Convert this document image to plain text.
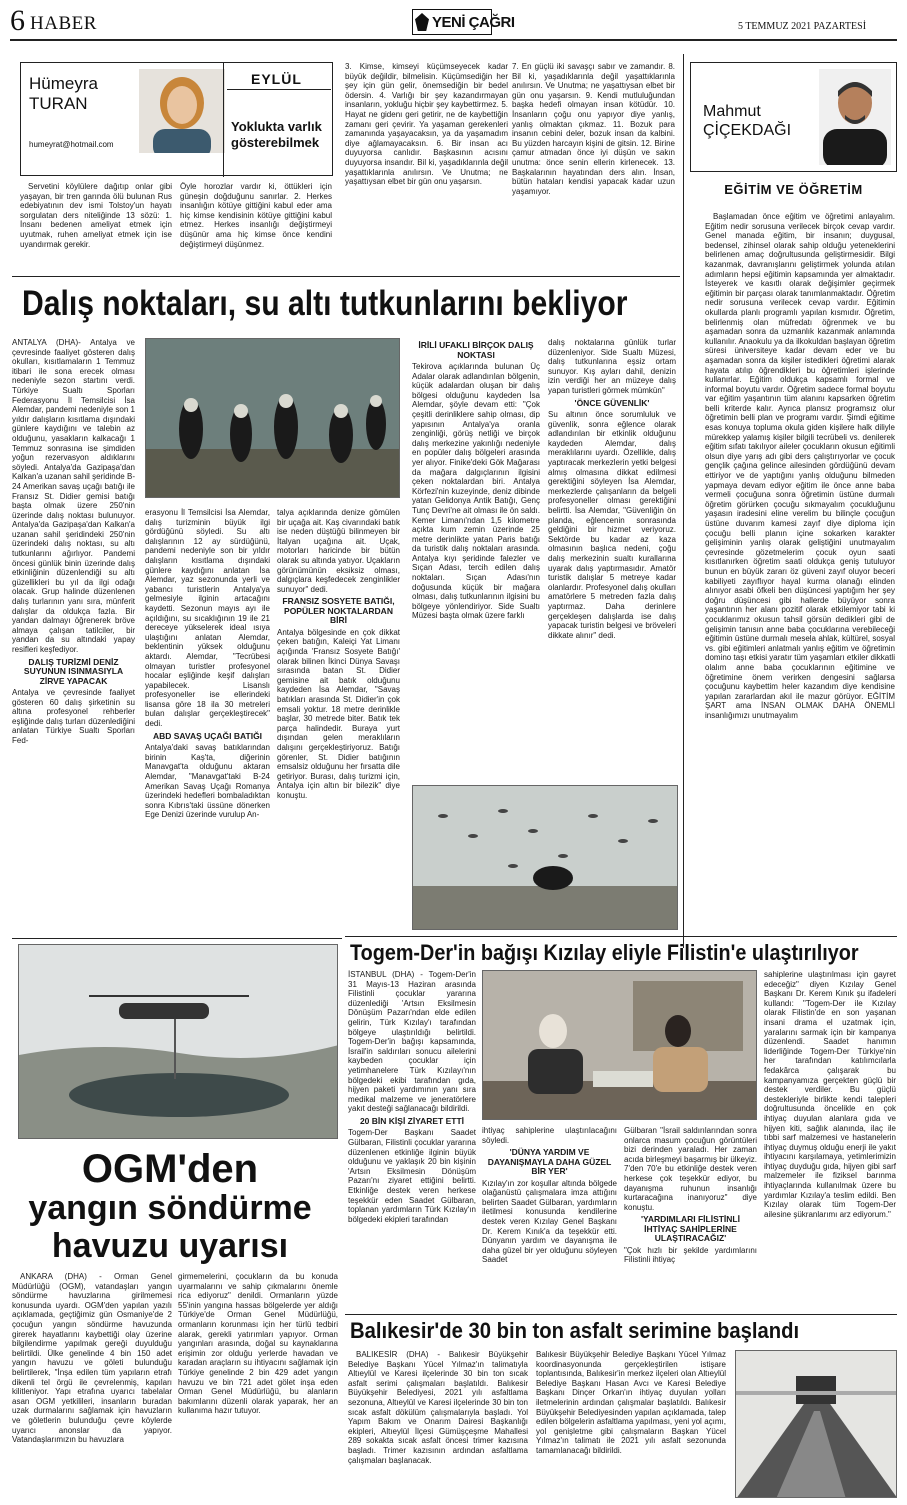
6 HABER	YENİ ÇAĞRI	5 TEMMUZ 2021 PAZARTESİ
Hümeyra
TURAN
humeyrat@hotmail.com
EYLÜL
Yoklukta varlık gösterebilmek
Servetini köylülere dağıtıp onlar gibi yaşayan, bir tren garında ölü bulunan Rus edebiyatının dev ismi Tolstoy'un hayatı sorgulatan ders niteliğinde 13 sözü: 1. İnsanı bedenen ameliyat etmek için uyutmak, ruhen ameliyat etmek için ise uyandırmak gerekir.
Öyle horozlar vardır ki, öttükleri için güneşin doğduğunu sanırlar. 2. Herkes insanlığın kötüye gittiğini kabul eder ama hiç kimse kendisinin kötüye gittiğini kabul etmez. Herkes insanlığı değiştirmeyi düşünür ama hiç kimse önce kendini değiştirmeyi düşünmez.
3. Kimse, kimseyi küçümseyecek kadar büyük değildir, bilmelisin. Küçümsediğin her şey için gün gelir, önemsediğin bir bedel ödersin. 4. Varlığı bir şey kazandırmayan insanların, yokluğu hiçbir şey kaybettirmez. 5. Hayat ne gidenı geri getirir, ne de kaybettiğin zamanı geri çevirir. Ya yaşaman gerekenleri zamanında yaşayacaksın, ya da yaşamadım diye ağlamayacaksın. 6. Bir insan acı duyuyorsa canlıdır. Başkasının acısını duyuyorsa insandır. Bil ki, yaşadıklarınla değil yaşattıklarınla anılırsın. Ve Unutma; ne yaşattıysan elbet bir gün onu yaşarsın.
7. En güçlü iki savaşçı sabır ve zamandır. 8. Bil ki, yaşadıklarınla değil yaşattıklarınla anılırsın. Ve Unutma; ne yaşattıysan elbet bir gün onu yaşarsın. 9. Kendi mutluluğundan başka hedefi olmayan insan kötüdür. 10. İnsanların çoğu onu yapıyor diye yanlış, yanlış olmaktan çıkmaz. 11. Bozuk para insanın cebini deler, bozuk insan da kalbini. Bu yüzden harcayın kişini de gitsin. 12. Birine çamur atmadan önce iyi düşün ve sakın unutma: önce senin ellerin kirlenecek. 13. Başkalarının hayatından ders alın. İnsan, bütün hataları kendisi yapacak kadar uzun yaşamıyor.
Mahmut
ÇİÇEKDAĞI
EĞİTİM VE ÖĞRETİM
Başlamadan önce eğitim ve öğretimi anlayalım. Eğitim nedir sorusuna verilecek birçok cevap vardır. Genel manada eğitim, bir insanın; duygusal, bedensel, zihinsel olarak sahip olduğu yeteneklerini belirlenen amaç doğrultusunda geliştirmesidir. Bilgi kazanmak, davranışlarını geliştirmek yolunda atılan adımların hepsi eğitimin kapsamında yer almaktadır. İsteyerek ve kasıtlı olarak değişimler geçirmek eğitimin bir parçası olarak tanımlanmaktadır. Öğretim nedir sorusuna verilecek cevap vardır. Eğitimin okullarda planlı programlı yapılan kısmıdır. Öğretim, belirlenmiş olan müfredatı öğrenmek ve bu aşamadan sonra da uzmanlık kazanmak anlamında kullanılır. Anaokulu ya da ilkokuldan başlayan öğretim süresi üniversiteye kadar devam eder ve bu aşamadan sonra da kişiler istedikleri öğretimi alarak hayata atılıp öğrendikleri bu öğretimleri işlerinde kullanırlar. Eğitim oldukça kapsamlı formal ve informal boyutu vardır. Öğretim sadece formal boyutu var eğitim yaşantının tüm alanını kapsarken öğretim belli kriterde kalır. Ayrıca plansız programsız olur öğretimin belli plan ve programı vardır. Şimdi eğitime esas konuya topluma okula giden kişilere halk diliyle mürekkep yalamış kişiler bilgili tecrübeli vs. denilerek eğitim sıfatı takılıyor aileler çocukların okusun eğitimli olsun diye yarış adı gibi ders çalıştırıyorlar ve çocuk gençlik çağına gelince ailesinden gördüğünü devam ettiriyor ve de yaptığını yanlış olduğunu bilmeden yapmaya devam ediyor eğitim ile önce anne baba vermeli çocuğuna sonra öğretimin üstüne durmalı öğretim görürken çocuğu sıkmayalım çocukluğunu yaşasın iradesini eline verelim bu bilinçle çocuğun üstüne duvarım kamesi zayıf diye diploma için çocuğu belli planın içine sokarken karakter gelişiminin yanlış olarak geliştiğini unutmayalım çevresinde gözetmelerim çocuk oyun saati kısıtlanırken öğretim saati oldukça geniş tutuluyor bunun en büyük zararı öz güveni zayıf oluyor beceri kabiliyeti zayıflıyor hayal kurma olanağı elinden alınıyor asabi öfkeli ben düşüncesi yaptığım her şey doğru düşüncesi gibi hallerde büyüyor sonra yaşantının her alanı pozitif olarak etkilemiyor tabi ki çocuklarımız okusun tahsil görsün dedikleri gibi de gelişimin tanısın anne baba çocuklarına verebileceği eğitimin üstüne durmalı mesela ahlak, kültürel, sosyal vs. gibi eğitimleri anlatmalı yanlış eğitim ve öğretimin domino taşı etkisi yaratır tüm yaşamları etkiler dikkatli olalım anne baba çocuklarının eğitimine ve öğretimine önem verirken dengesini sağlarsa çocuğunu kaybettim heler kazandım diye kendisine yapılan zararlardan akıl ile mazur görüyor. EĞİTİM ŞART ama İNSAN OLMAK DAHA ÖNEMLİ insanlığımızı unutmayalım
Dalış noktaları, su altı tutkunlarını bekliyor
ANTALYA (DHA)- Antalya ve çevresinde faaliyet gösteren dalış okulları, kısıtlamaların 1 Temmuz itibari ile sona erecek olması nedeniyle sezon startını verdi. Türkiye Sualtı Sporları Federasyonu İl Temsilcisi İsa Alemdar, pandemi nedeniyle son 1 yıldır dalışların kısıtlama dışındaki günlere kaydığını ve talebin az olduğunu, yasakların kalkacağı 1 Temmuz sonrasına ise şimdiden yoğun rezervasyon aldıklarını söyledi. Antalya'da Gazipaşa'dan Kalkan'a uzanan sahil şeridinde B-24 Amerikan savaş uçağı batığı ile Fransız St. Didier gemisi batığı başta olmak üzere 250'nin üzerinde dalış noktası bulunuyor. Antalya'da Gazipaşa'dan Kalkan'a uzanan sahil şeridindeki 250'nin üzerindeki dalış noktası, su altı tutkunlarını ağırlıyor. Pandemi öncesi günlük binin üzerinde dalış etkinliğinin düzenlendiği su altı güzellikleri bu yıl da ilgi odağı olacak. Grup halinde düzenlenen dalış turlarının yanı sıra, münferit dalışlar da oldukça fazla. Bir yandan dalmayı öğrenerek bröve almaya çalışan tatilciler, bir yandan da su altındaki yapay resifleri keşfediyor.
DALIŞ TURİZMİ DENİZ SUYUNUN ISINMASIYLA ZİRVE YAPACAK
Antalya ve çevresinde faaliyet gösteren 60 dalış şirketinin su altına profesyonel rehberler eşliğinde dalış turları düzenlediğini anlatan Türkiye Sualtı Sporları Fed-
erasyonu İl Temsilcisi İsa Alemdar, dalış turizminin büyük ilgi gördüğünü söyledi. Su altı dalışlarının 12 ay sürdüğünü, pandemi nedeniyle son bir yıldır dalışların kısıtlama dışındaki günlere kaydığını anlatan İsa Alemdar, yaz sezonunda yerli ve yabancı turistlerin Antalya'ya gelmesiyle ilginin artacağını kaydetti. Sezonun mayıs ayı ile açıldığını, su sıcaklığının 19 ile 21 dereceye yükselerek ideal ısıya ulaştığını anlatan Alemdar, beklentinin yüksek olduğunu aktardı. Alemdar, "Tecrübesi olmayan turistler profesyonel hocalar eşliğinde keşif dalışları yapabilecek. Lisanslı profesyoneller ise ellerindeki lisansa göre 18 ila 30 metreleri bulan dalışlar gerçekleştirecek" dedi.
ABD SAVAŞ UÇAĞI BATIĞI
Antalya'daki savaş batıklarından birinin Kaş'ta, diğerinin Manavgat'ta olduğunu aktaran Alemdar, "Manavgat'taki B-24 Amerikan Savaş Uçağı Romanya üzerindeki hedefleri bombaladıktan sonra Kıbrıs'taki üssüne dönerken Ege Denizi üzerinde vurulup An-
talya açıklarında denize gömülen bir uçağa ait. Kaş civarındaki batık ise neden düştüğü bilinmeyen bir İtalyan uçağına ait. Uçak, motorları haricinde bir bütün olarak su altında yatıyor. Uçakların görünümünün eksiksiz olması, dalgıçlara keşfedecek zenginlikler sunuyor" dedi.
FRANSIZ SOSYETE BATIĞI, POPÜLER NOKTALARDAN BİRİ
Antalya bölgesinde en çok dikkat çeken batığın, Kaleiçi Yat Limanı açığında 'Fransız Sosyete Batığı' olarak bilinen İkinci Dünya Savaşı sırasında batan St. Didier gemisine ait batık olduğunu kaydeden İsa Alemdar, "Savaş batıkları arasında St. Didier'in çok emsali yoktur. 18 metre derinlikle başlar, 30 metrede biter. Batık tek parça halindedir. Buraya yurt dışından gelen meraklıların dalışını gerçekleştiriyoruz. Batığı görenler, St. Didier batığının emsalsiz olduğunu her fırsatta dile getiriyor. Burası, dalış turizmi için, Antalya için altın bir bilezik" diye konuştu.
İRİLİ UFAKLI BİRÇOK DALIŞ NOKTASI
Tekirova açıklarında bulunan Üç Adalar olarak adlandırılan bölgenin, küçük adalardan oluşan bir dalış bölgesi olduğunu kaydeden İsa Alemdar, şöyle devam etti: "Çok çeşitli derinliklere sahip olması, dip yapısının Antalya'ya oranla zenginliği, görüş netliği ve birçok dalış merkezine yakınlığı nedeniyle en popüler dalış bölgeleri arasında yer alıyor. Finike'deki Gök Mağarası da mağara dalgıçlarının ilgisini çeken noktalardan biri. Antalya Körfezi'nin kuzeyinde, deniz dibinde yatan Gelidonya Antik Batığı, Genç Tunç Devri'ne ait olması ile ön saldı. Kemer Limanı'ndan 1,5 kilometre açıkta kum zemin üzerinde 25 metre derinlikte yatan Paris batığı da turistik dalış noktaları arasında. Antalya kıyı şeridinde falezler ve Sıçan Adası, tercih edilen dalış noktaları. Sıçan Adası'nın doğusunda küçük bir mağara olması, dalış tutkunlarının ilgisini bu bölgeye yönlendiriyor. Side Sualtı Müzesi başta olmak üzere farklı
dalış noktalarına günlük turlar düzenleniyor. Side Sualtı Müzesi, dalış tutkunlarına eşsiz ortam sunuyor. Kış ayları dahil, denizin izin verdiği her an müzeye dalış yapan turistleri görmek mümkün"
'ÖNCE GÜVENLİK'
Su altının önce sorumluluk ve güvenlik, sonra eğlence olarak adlandırılan bir etkinlik olduğunu kaydeden Alemdar, dalış meraklılarını uyardı. Özellikle, dalış yaptıracak merkezlerin yetki belgesi almış olmasına dikkat edilmesi gerektiğini söyleyen İsa Alemdar, merkezlerde çalışanların da belgeli profesyoneller olması gerektiğini belirtti. İsa Alemdar, "Güvenliğin ön planda, eğlencenin sonrasında geldiğini bir hizmet veriyoruz. Sektörde bu kadar az kaza olmasının başlıca nedeni, çoğu dalış merkezinin sualtı kurallarına uyarak dalış yaptırmasıdır. Amatör turistik dalışlar 5 metreye kadar olanlardır. Profesyonel dalış okulları amatörlere 5 metreden fazla dalış yaptırmaz. Daha derinlere gerçekleşen dalışlarda ise dalış yapacak turistin belgesi ve bröveleri dikkate alınır" dedi.
OGM'den
yangın söndürme
havuzu uyarısı
ANKARA (DHA) - Orman Genel Müdürlüğü (OGM), vatandaşları yangın söndürme havuzlarına girilmemesi konusunda uyardı. OGM'den yapılan yazılı açıklamada, geçtiğimiz gün Osmaniye'de 2 çocuğun yangın söndürme havuzunda girerek hayatlarını kaybettiği olay üzerine bilgilendirme yapılmak gereği duyulduğu belirtildi. Ülke genelinde 4 bin 150 adet yangın havuzu ve göleti bulunduğu belirtilerek, "İnşa edilen tüm yapıların etrafı dikenli tel örgü ile çevrelenmiş, kapıları kilitleniyor. Yapı etrafına uyarıcı tabelalar asan OGM yetkilileri, insanların buradan uzak durmalarını sağlamak için havuzların ve göletlerin bulunduğu çevre köylerde uyarıcı anonslar da yapıyor. Vatandaşlarımızın bu havuzlara
girmemelerini, çocukların da bu konuda uyarmalarını ve sahip çıkmalarını önemle rica ediyoruz" denildi. Ormanların yüzde 55'inin yangına hassas bölgelerde yer aldığı Türkiye'de Orman Genel Müdürlüğü, ormanların korunması için her türlü tedbiri alarak, gerekli yatırımları yapıyor. Orman yangınları arasında, doğal su kaynaklarına erişimin zor olduğu yerlerde havadan ve karadan araçların su ihtiyacını sağlamak için Türkiye genelinde 2 bin 429 adet yangın havuzu ve bin 721 adet gölet inşa eden Orman Genel Müdürlüğü, bu alanların bakımlarını düzenli olarak yaparak, her an kullanıma hazır tutuyor.
Togem-Der'in bağışı Kızılay eliyle Filistin'e ulaştırılıyor
İSTANBUL (DHA) - Togem-Der'in 31 Mayıs-13 Haziran arasında Filistinli çocuklar yararına düzenlediği 'Artsın Eksilmesin Dönüşüm Pazarı'ndan elde edilen gelirin, Türk Kızılay'ı tarafından bölgeye ulaştırıldığı belirtildi. Togem-Der'in bağışı kapsamında, İsrail'in saldırıları sonucu ailelerini kaybeden çocuklar için yetimhanelere Türk Kızılayı'nın bölgedeki ekibi tarafından gıda, hijyen paketi yardımının yanı sıra medikal malzeme ve jeneratörlere yakıt desteği sağlanacağı bildirildi.
20 BİN KİŞİ ZİYARET ETTİ
Togem-Der Başkanı Saadet Gülbaran, Filistinli çocuklar yararına düzenlenen etkinliğe ilginin büyük olduğunu ve yaklaşık 20 bin kişinin 'Artsın Eksilmesin Dönüşüm Pazarı'nı ziyaret ettiğini belirtti. Etkinliğe destek veren herkese teşekkür eden Saadet Gülbaran, toplanan yardımların Türk Kızılay'ın bölgedeki ekipleri tarafından
ihtiyaç sahiplerine ulaştırılacağını söyledi.
'DÜNYA YARDIM VE DAYANIŞMAYLA DAHA GÜZEL BİR YER'
Kızılay'ın zor koşullar altında bölgede olağanüstü çalışmalara imza attığını belirten Saadet Gülbaran, yardımların iletilmesi konusunda kendilerine destek veren Kızılay Genel Başkanı Dr. Kerem Kınık'a da teşekkür etti. Dünyanın yardım ve dayanışma ile daha güzel bir yer olduğunu söyleyen Saadet
Gülbaran "İsrail saldırılarından sonra onlarca masum çocuğun görüntüleri bizi derinden yaraladı. Her zaman acıda birleşmeyi başarmış bir ülkeyiz. 7'den 70'e bu etkinliğe destek veren herkese çok teşekkür ediyor, bu dayanışma ruhunun insanlığı kurtaracağına inanıyoruz" diye konuştu.
'YARDIMLARI FİLİSTİNLİ İHTİYAÇ SAHİPLERİNE ULAŞTIRACAĞIZ'
"Çok hızlı bir şekilde yardımlarını Filistinli ihtiyaç
sahiplerine ulaştırılması için gayret edeceğiz" diyen Kızılay Genel Başkanı Dr. Kerem Kınık şu ifadeleri kullandı: "Togem-Der ile Kızılay olarak Filistin'de en son yaşanan insani drama el uzatmak için, yaralarını sarmak için bir kampanya düzenlendi. Saadet hanımın liderliğinde Togem-Der Türkiye'nin her tarafından katılımcılarla fedakârca çalışarak bu kampanyamıza gerçekten güçlü bir destek verdiler. Bu güçlü destekleriyle birlikte kendi talepleri doğrultusunda öncelikle en çok ihtiyaç duyulan alanlara gıda ve hijyen kiti, sağlık alanında, ilaç ile tıbbi sarf malzemesi ve hastanelerin ihtiyaç duymuş olduğu enerji ile yakıt ihtiyacını karşılamaya, yetimlerimizin ihtiyaç duyduğu gıda, hijyen gibi sarf malzemeler ile fiziksel barınma ihtiyaçlarında kullanılmak üzere bu yardımlar Kızılay'a teslim edildi. Ben Kızılay olarak tüm Togem-Der ailesine şükranlarımı arz ediyorum."
Balıkesir'de 30 bin ton asfalt serimine başlandı
BALIKESİR (DHA) - Balıkesir Büyükşehir Belediye Başkanı Yücel Yılmaz'ın talimatıyla Altıeylül ve Karesi ilçelerinde 30 bin ton sıcak asfalt serimi çalışmaları başlatıldı. Balıkesir Büyükşehir Belediyesi, 2021 yılı asfaltlama sezonuna, Altıeylül ve Karesi ilçelerinde 30 bin ton sıcak asfalt dökülüm çalışmalarıyla başladı. Yol Yapım Bakım ve Onarım Dairesi Başkanlığı ekipleri, Altıeylül İlçesi Gümüşçeşme Mahallesi 289 sokakta sıcak asfalt öncesi trimer kazısına başladı. Trimer kazısının ardından asfaltlama çalışmaları başlanacak.
Balıkesir Büyükşehir Belediye Başkanı Yücel Yılmaz koordinasyonunda gerçekleştirilen istişare toplantısında, Balıkesir'in merkez ilçeleri olan Altıeylül Belediye Başkanı Hasan Avcı ve Karesi Belediye Başkanı Dinçer Orkan'ın ihtiyaç duyulan yolları iletmelerinin ardından çalışmalar başlatıldı. Balıkesir Büyükşehir Belediyesinden yapılan açıklamada, talep edilen bölgelerin asfaltlama yapılması, yeni yol açımı, yol genişletme gibi çalışmaların Başkan Yücel Yılmaz'ın talimatı ile 2021 yılı asfalt sezonunda tamamlanacağı bildirildi.
